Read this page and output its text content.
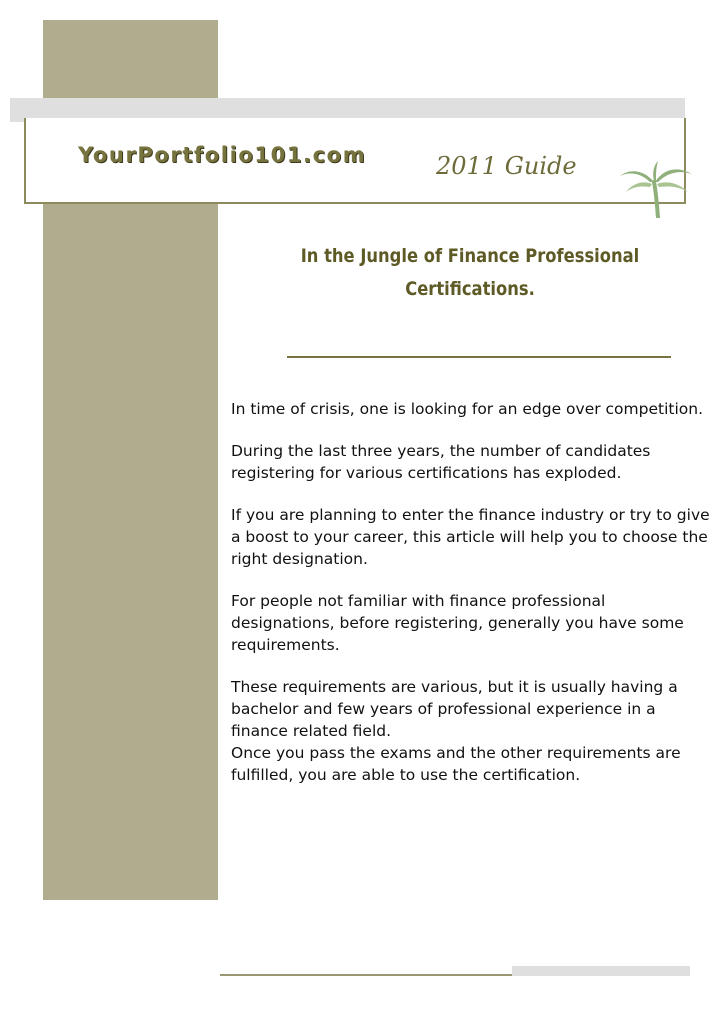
YourPortfolio101.com	2011 Guide
In the Jungle of Finance Professional
Certifications.

In time of crisis, one is looking for an edge over competition.

During the last three years, the number of candidates registering for various certifications has exploded.

If you are planning to enter the finance industry or try to give a boost to your career, this article will help you to choose the right designation.

For people not familiar with finance professional designations, before registering, generally you have some requirements.

These requirements are various, but it is usually having a bachelor and few years of professional experience in a finance related field.

Once you pass the exams and the other requirements are fulfilled, you are able to use the certification.
